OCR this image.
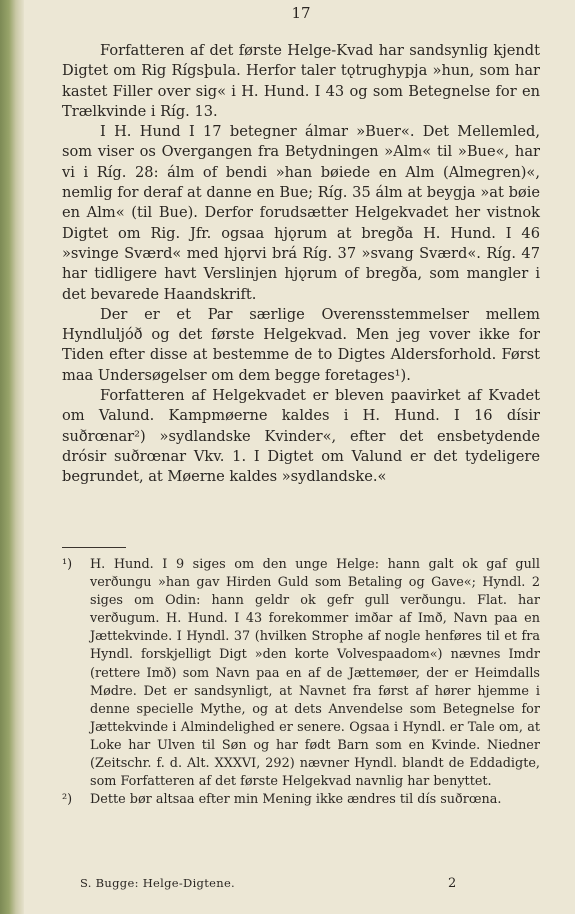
17

Forfatteren af det første Helge-Kvad har sandsynlig kjendt Digtet om Rig Rígsþula. Herfor taler tǫtrughypja »hun, som har kastet Filler over sig« i H. Hund. I 43 og som Betegnelse for en Trælkvinde i Ríg. 13.

I H. Hund I 17 betegner álmar »Buer«. Det Mellemled, som viser os Overgangen fra Betydningen »Alm« til »Bue«, har vi i Ríg. 28: álm of bendi »han bøiede en Alm (Almegren)«, nemlig for deraf at danne en Bue; Ríg. 35 álm at beygja »at bøie en Alm« (til Bue). Derfor forudsætter Helgekvadet her vistnok Digtet om Rig. Jfr. ogsaa hjǫrum at bregða H. Hund. I 46 »svinge Sværd« med hjǫrvi brá Ríg. 37 »svang Sværd«. Ríg. 47 har tidligere havt Verslinjen hjǫrum of bregða, som mangler i det bevarede Haandskrift.

Der er et Par særlige Overensstemmelser mellem Hyndluljóð og det første Helgekvad. Men jeg vover ikke for Tiden efter disse at bestemme de to Digtes Aldersforhold. Først maa Undersøgelser om dem begge foretages¹).

Forfatteren af Helgekvadet er bleven paavirket af Kvadet om Valund. Kampmøerne kaldes i H. Hund. I 16 dísir suðrœnar²) »sydlandske Kvinder«, efter det ensbetydende drósir suðrœnar Vkv. 1. I Digtet om Valund er det tydeligere begrundet, at Møerne kaldes »sydlandske.«

¹) H. Hund. I 9 siges om den unge Helge: hann galt ok gaf gull verðungu »han gav Hirden Guld som Betaling og Gave«; Hyndl. 2 siges om Odin: hann geldr ok gefr gull verðungu. Flat. har verðugum. H. Hund. I 43 forekommer imðar af Imð, Navn paa en Jættekvinde. I Hyndl. 37 (hvilken Strophe af nogle henføres til et fra Hyndl. forskjelligt Digt »den korte Volvespaadom«) nævnes Imdr (rettere Imð) som Navn paa en af de Jættemøer, der er Heimdalls Mødre. Det er sandsynligt, at Navnet fra først af hører hjemme i denne specielle Mythe, og at dets Anvendelse som Betegnelse for Jættekvinde i Almindelighed er senere. Ogsaa i Hyndl. er Tale om, at Loke har Ulven til Søn og har født Barn som en Kvinde. Niedner (Zeitschr. f. d. Alt. XXXVI, 292) nævner Hyndl. blandt de Eddadigte, som Forfatteren af det første Helgekvad navnlig har benyttet.
²) Dette bør altsaa efter min Mening ikke ændres til dís suðrœna.
S. Bugge: Helge-Digtene.	2
